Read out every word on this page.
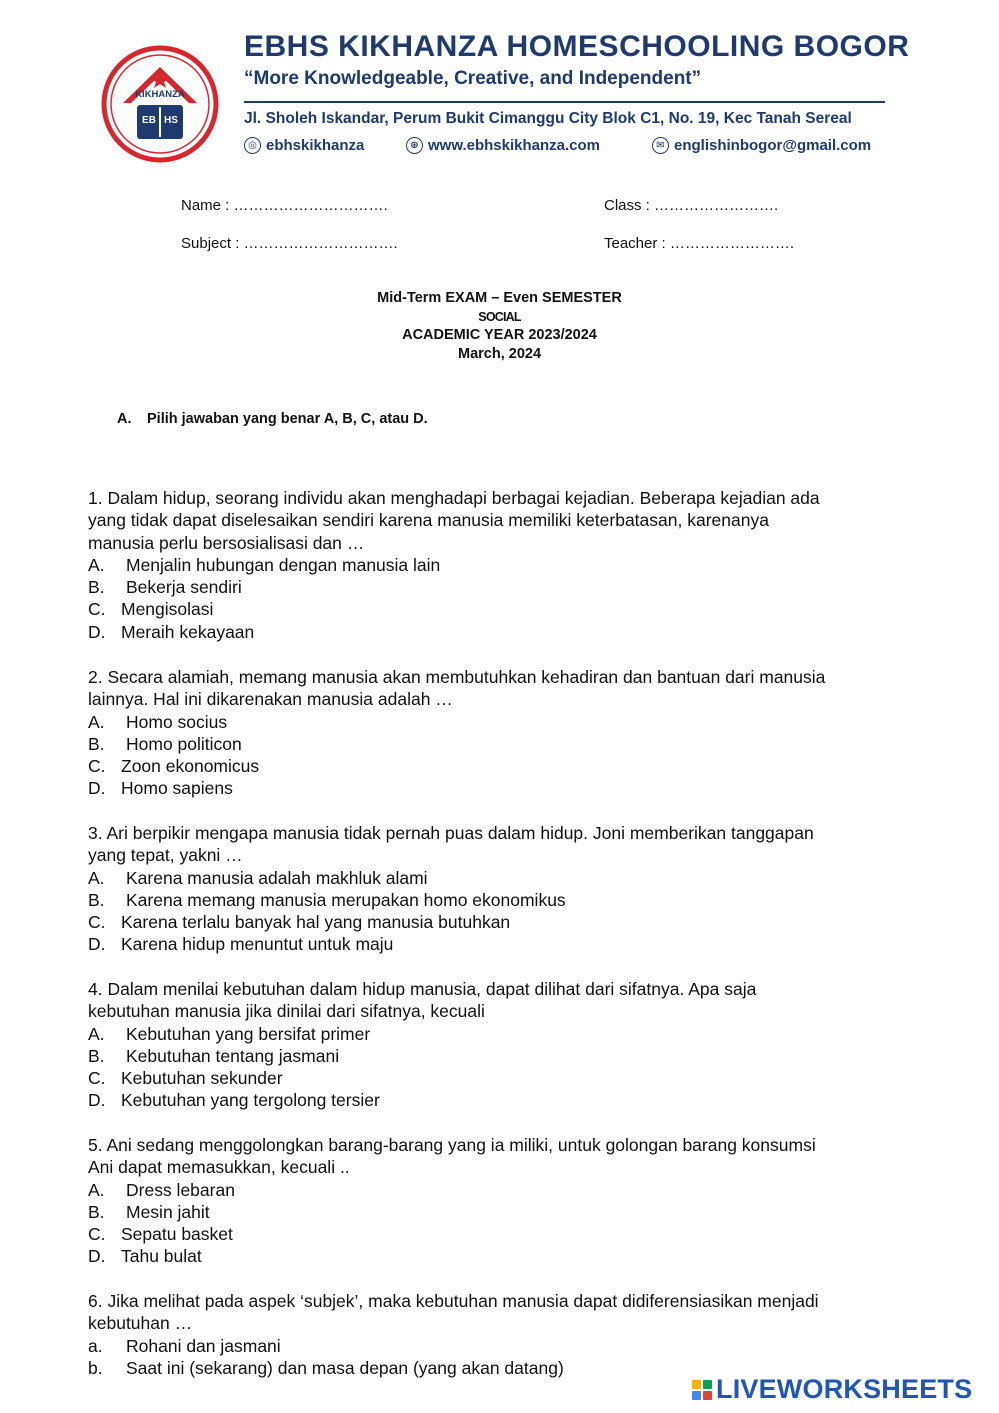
KIKHANZA
EB HS
EBHS KIKHANZA HOMESCHOOLING BOGOR
“More Knowledgeable, Creative, and Independent”
Jl. Sholeh Iskandar, Perum Bukit Cimanggu City Blok C1, No. 19, Kec Tanah Sereal
◎ ebhskikhanza	⊕ www.ebhskikhanza.com	✉ englishinbogor@gmail.com
Name : ………………………….	Class : …………………….
Subject : ………………………….	Teacher : …………………….
Mid-Term EXAM – Even SEMESTER
SOCIAL
ACADEMIC YEAR 2023/2024
March, 2024
A. Pilih jawaban yang benar A, B, C, atau D.
1. Dalam hidup, seorang individu akan menghadapi berbagai kejadian. Beberapa kejadian ada
yang tidak dapat diselesaikan sendiri karena manusia memiliki keterbatasan, karenanya
manusia perlu bersosialisasi dan …
A. Menjalin hubungan dengan manusia lain
B. Bekerja sendiri
C. Mengisolasi
D. Meraih kekayaan
2. Secara alamiah, memang manusia akan membutuhkan kehadiran dan bantuan dari manusia
lainnya. Hal ini dikarenakan manusia adalah …
A. Homo socius
B. Homo politicon
C. Zoon ekonomicus
D. Homo sapiens
3. Ari berpikir mengapa manusia tidak pernah puas dalam hidup. Joni memberikan tanggapan
yang tepat, yakni …
A. Karena manusia adalah makhluk alami
B. Karena memang manusia merupakan homo ekonomikus
C. Karena terlalu banyak hal yang manusia butuhkan
D. Karena hidup menuntut untuk maju
4. Dalam menilai kebutuhan dalam hidup manusia, dapat dilihat dari sifatnya. Apa saja
kebutuhan manusia jika dinilai dari sifatnya, kecuali
A. Kebutuhan yang bersifat primer
B. Kebutuhan tentang jasmani
C. Kebutuhan sekunder
D. Kebutuhan yang tergolong tersier
5. Ani sedang menggolongkan barang-barang yang ia miliki, untuk golongan barang konsumsi
Ani dapat memasukkan, kecuali ..
A. Dress lebaran
B. Mesin jahit
C. Sepatu basket
D. Tahu bulat
6. Jika melihat pada aspek ‘subjek’, maka kebutuhan manusia dapat didiferensiasikan menjadi
kebutuhan …
a. Rohani dan jasmani
b. Saat ini (sekarang) dan masa depan (yang akan datang)
LIVEWORKSHEETS
